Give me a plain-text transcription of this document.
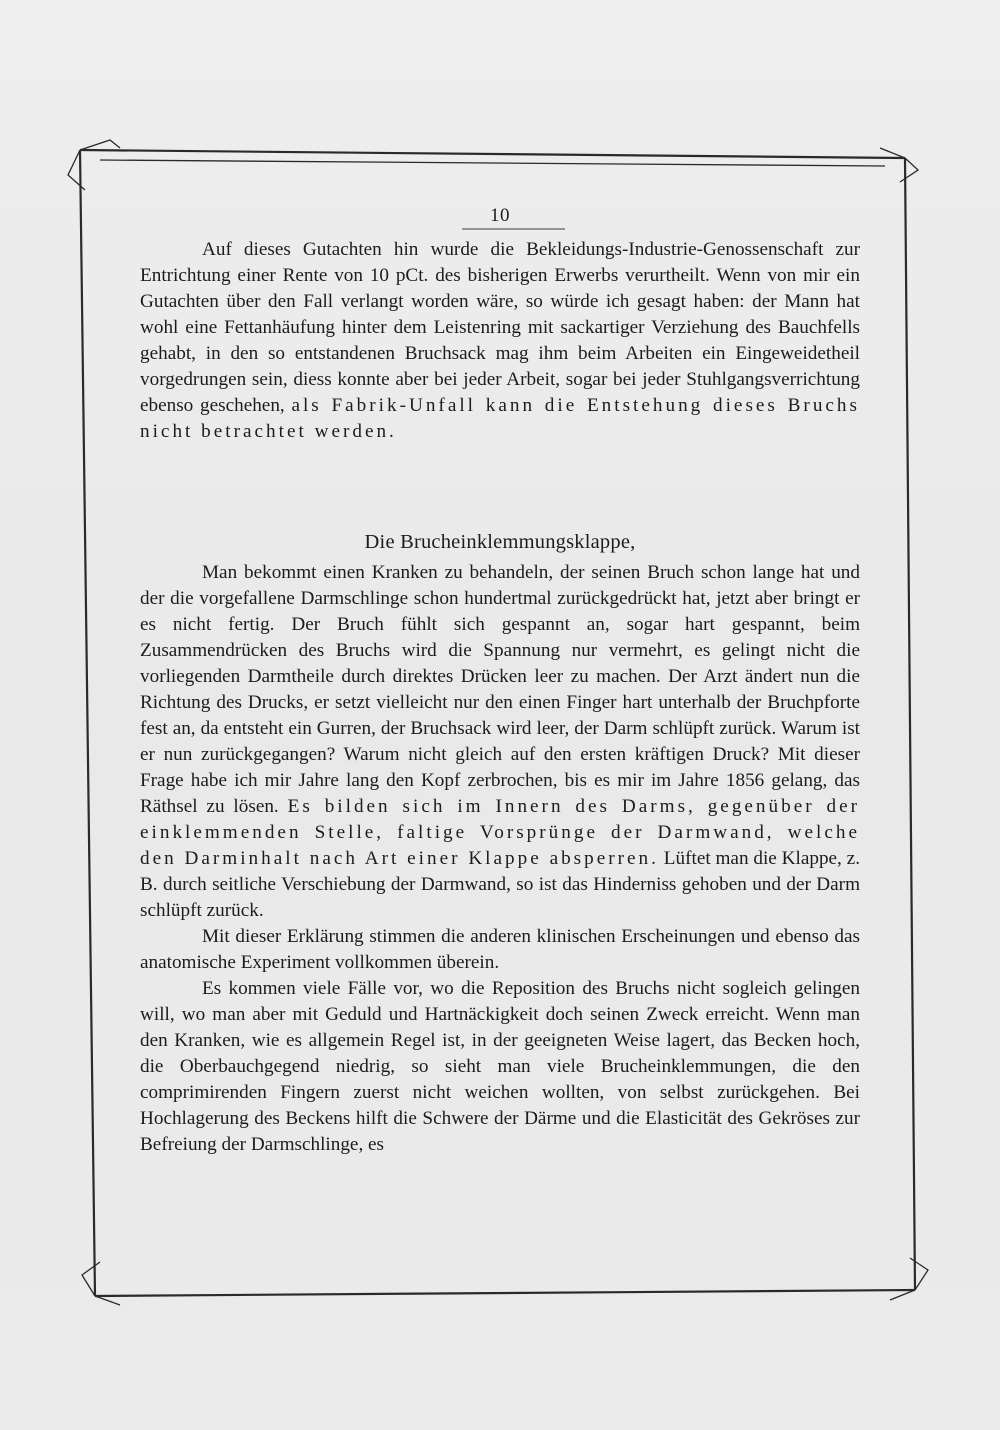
10

Auf dieses Gutachten hin wurde die Bekleidungs-Industrie-Genossenschaft zur Entrichtung einer Rente von 10 pCt. des bisherigen Erwerbs verurtheilt. Wenn von mir ein Gutachten über den Fall verlangt worden wäre, so würde ich gesagt haben: der Mann hat wohl eine Fettanhäufung hinter dem Leistenring mit sackartiger Verziehung des Bauchfells gehabt, in den so entstandenen Bruchsack mag ihm beim Arbeiten ein Eingeweidetheil vorgedrungen sein, diess konnte aber bei jeder Arbeit, sogar bei jeder Stuhlgangsverrichtung ebenso geschehen, als Fabrik-Unfall kann die Entstehung dieses Bruchs nicht betrachtet werden.

Die Brucheinklemmungsklappe,

Man bekommt einen Kranken zu behandeln, der seinen Bruch schon lange hat und der die vorgefallene Darmschlinge schon hundertmal zurückgedrückt hat, jetzt aber bringt er es nicht fertig. Der Bruch fühlt sich gespannt an, sogar hart gespannt, beim Zusammendrücken des Bruchs wird die Spannung nur vermehrt, es gelingt nicht die vorliegenden Darmtheile durch direktes Drücken leer zu machen. Der Arzt ändert nun die Richtung des Drucks, er setzt vielleicht nur den einen Finger hart unterhalb der Bruchpforte fest an, da entsteht ein Gurren, der Bruchsack wird leer, der Darm schlüpft zurück. Warum ist er nun zurückgegangen? Warum nicht gleich auf den ersten kräftigen Druck? Mit dieser Frage habe ich mir Jahre lang den Kopf zerbrochen, bis es mir im Jahre 1856 gelang, das Räthsel zu lösen. Es bilden sich im Innern des Darms, gegenüber der einklemmenden Stelle, faltige Vorsprünge der Darmwand, welche den Darminhalt nach Art einer Klappe absperren. Lüftet man die Klappe, z. B. durch seitliche Verschiebung der Darmwand, so ist das Hinderniss gehoben und der Darm schlüpft zurück.

Mit dieser Erklärung stimmen die anderen klinischen Erscheinungen und ebenso das anatomische Experiment vollkommen überein.

Es kommen viele Fälle vor, wo die Reposition des Bruchs nicht sogleich gelingen will, wo man aber mit Geduld und Hartnäckigkeit doch seinen Zweck erreicht. Wenn man den Kranken, wie es allgemein Regel ist, in der geeigneten Weise lagert, das Becken hoch, die Oberbauchgegend niedrig, so sieht man viele Brucheinklemmungen, die den comprimirenden Fingern zuerst nicht weichen wollten, von selbst zurückgehen. Bei Hochlagerung des Beckens hilft die Schwere der Därme und die Elasticität des Gekröses zur Befreiung der Darmschlinge, es
